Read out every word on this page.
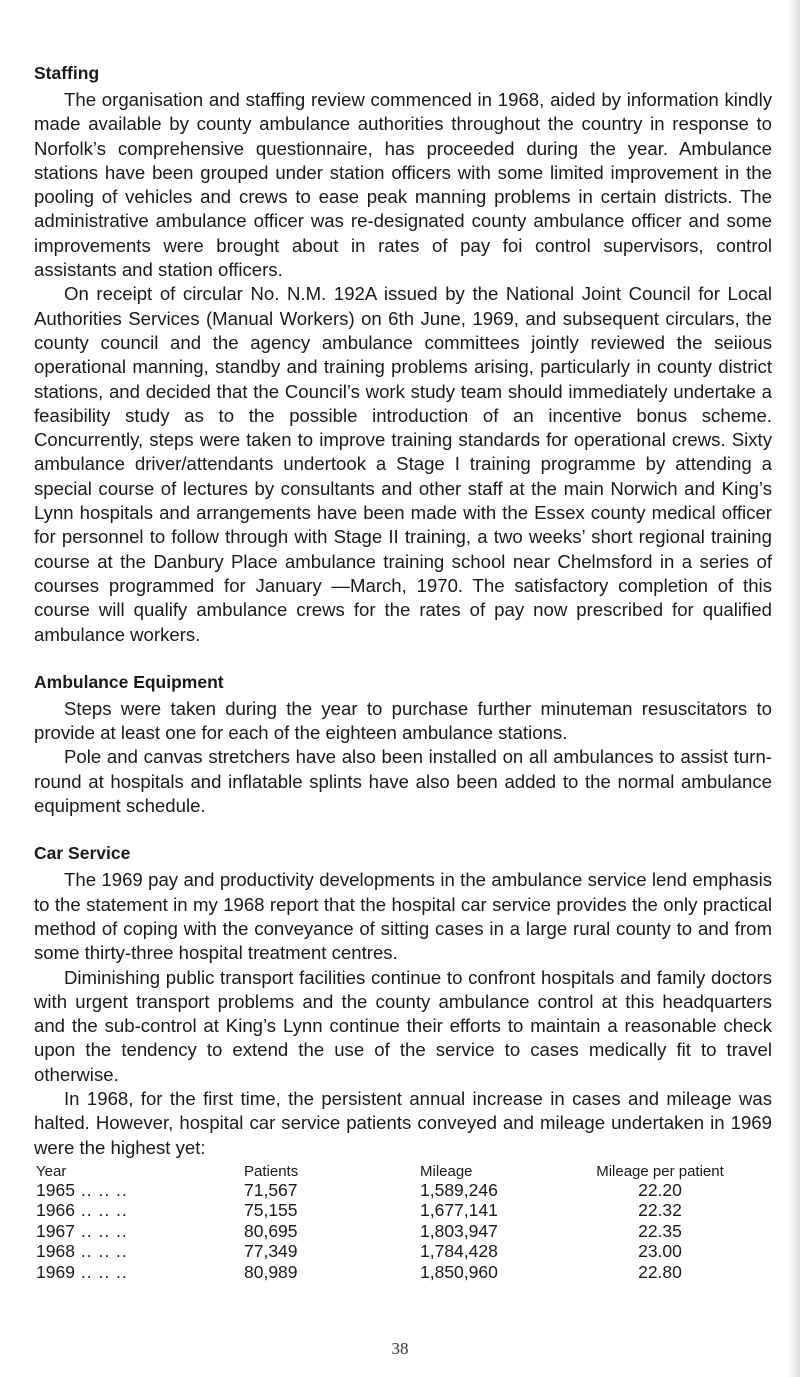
Staffing

The organisation and staffing review commenced in 1968, aided by information kindly made available by county ambulance authorities throughout the country in response to Norfolk’s comprehensive questionnaire, has proceeded during the year. Ambulance stations have been grouped under station officers with some limited improvement in the pooling of vehicles and crews to ease peak manning problems in certain districts. The administrative ambulance officer was re-designated county ambulance officer and some improvements were brought about in rates of pay foi control supervisors, control assistants and station officers.

On receipt of circular No. N.M. 192A issued by the National Joint Council for Local Authorities Services (Manual Workers) on 6th June, 1969, and subsequent circulars, the county council and the agency ambulance committees jointly reviewed the seiious operational manning, standby and training problems arising, particularly in county district stations, and decided that the Council’s work study team should immediately undertake a feasibility study as to the possible introduction of an incentive bonus scheme. Concurrently, steps were taken to improve training standards for operational crews. Sixty ambulance driver/attendants undertook a Stage I training programme by attending a special course of lectures by consultants and other staff at the main Norwich and King’s Lynn hospitals and arrangements have been made with the Essex county medical officer for personnel to follow through with Stage II training, a two weeks’ short regional training course at the Danbury Place ambulance training school near Chelmsford in a series of courses programmed for January —March, 1970. The satisfactory completion of this course will qualify ambulance crews for the rates of pay now prescribed for qualified ambulance workers.

Ambulance Equipment

Steps were taken during the year to purchase further minuteman resuscitators to provide at least one for each of the eighteen ambulance stations.

Pole and canvas stretchers have also been installed on all ambulances to assist turn-round at hospitals and inflatable splints have also been added to the normal ambulance equipment schedule.

Car Service

The 1969 pay and productivity developments in the ambulance service lend emphasis to the statement in my 1968 report that the hospital car service provides the only practical method of coping with the conveyance of sitting cases in a large rural county to and from some thirty-three hospital treatment centres.

Diminishing public transport facilities continue to confront hospitals and family doctors with urgent transport problems and the county ambulance control at this headquarters and the sub-control at King’s Lynn continue their efforts to maintain a reasonable check upon the tendency to extend the use of the service to cases medically fit to travel otherwise.

In 1968, for the first time, the persistent annual increase in cases and mileage was halted. However, hospital car service patients conveyed and mileage undertaken in 1969 were the highest yet:

Year	Patients	Mileage	Mileage per patient
1965 .. .. ..	71,567	1,589,246	22.20
1966 .. .. ..	75,155	1,677,141	22.32
1967 .. .. ..	80,695	1,803,947	22.35
1968 .. .. ..	77,349	1,784,428	23.00
1969 .. .. ..	80,989	1,850,960	22.80
38
